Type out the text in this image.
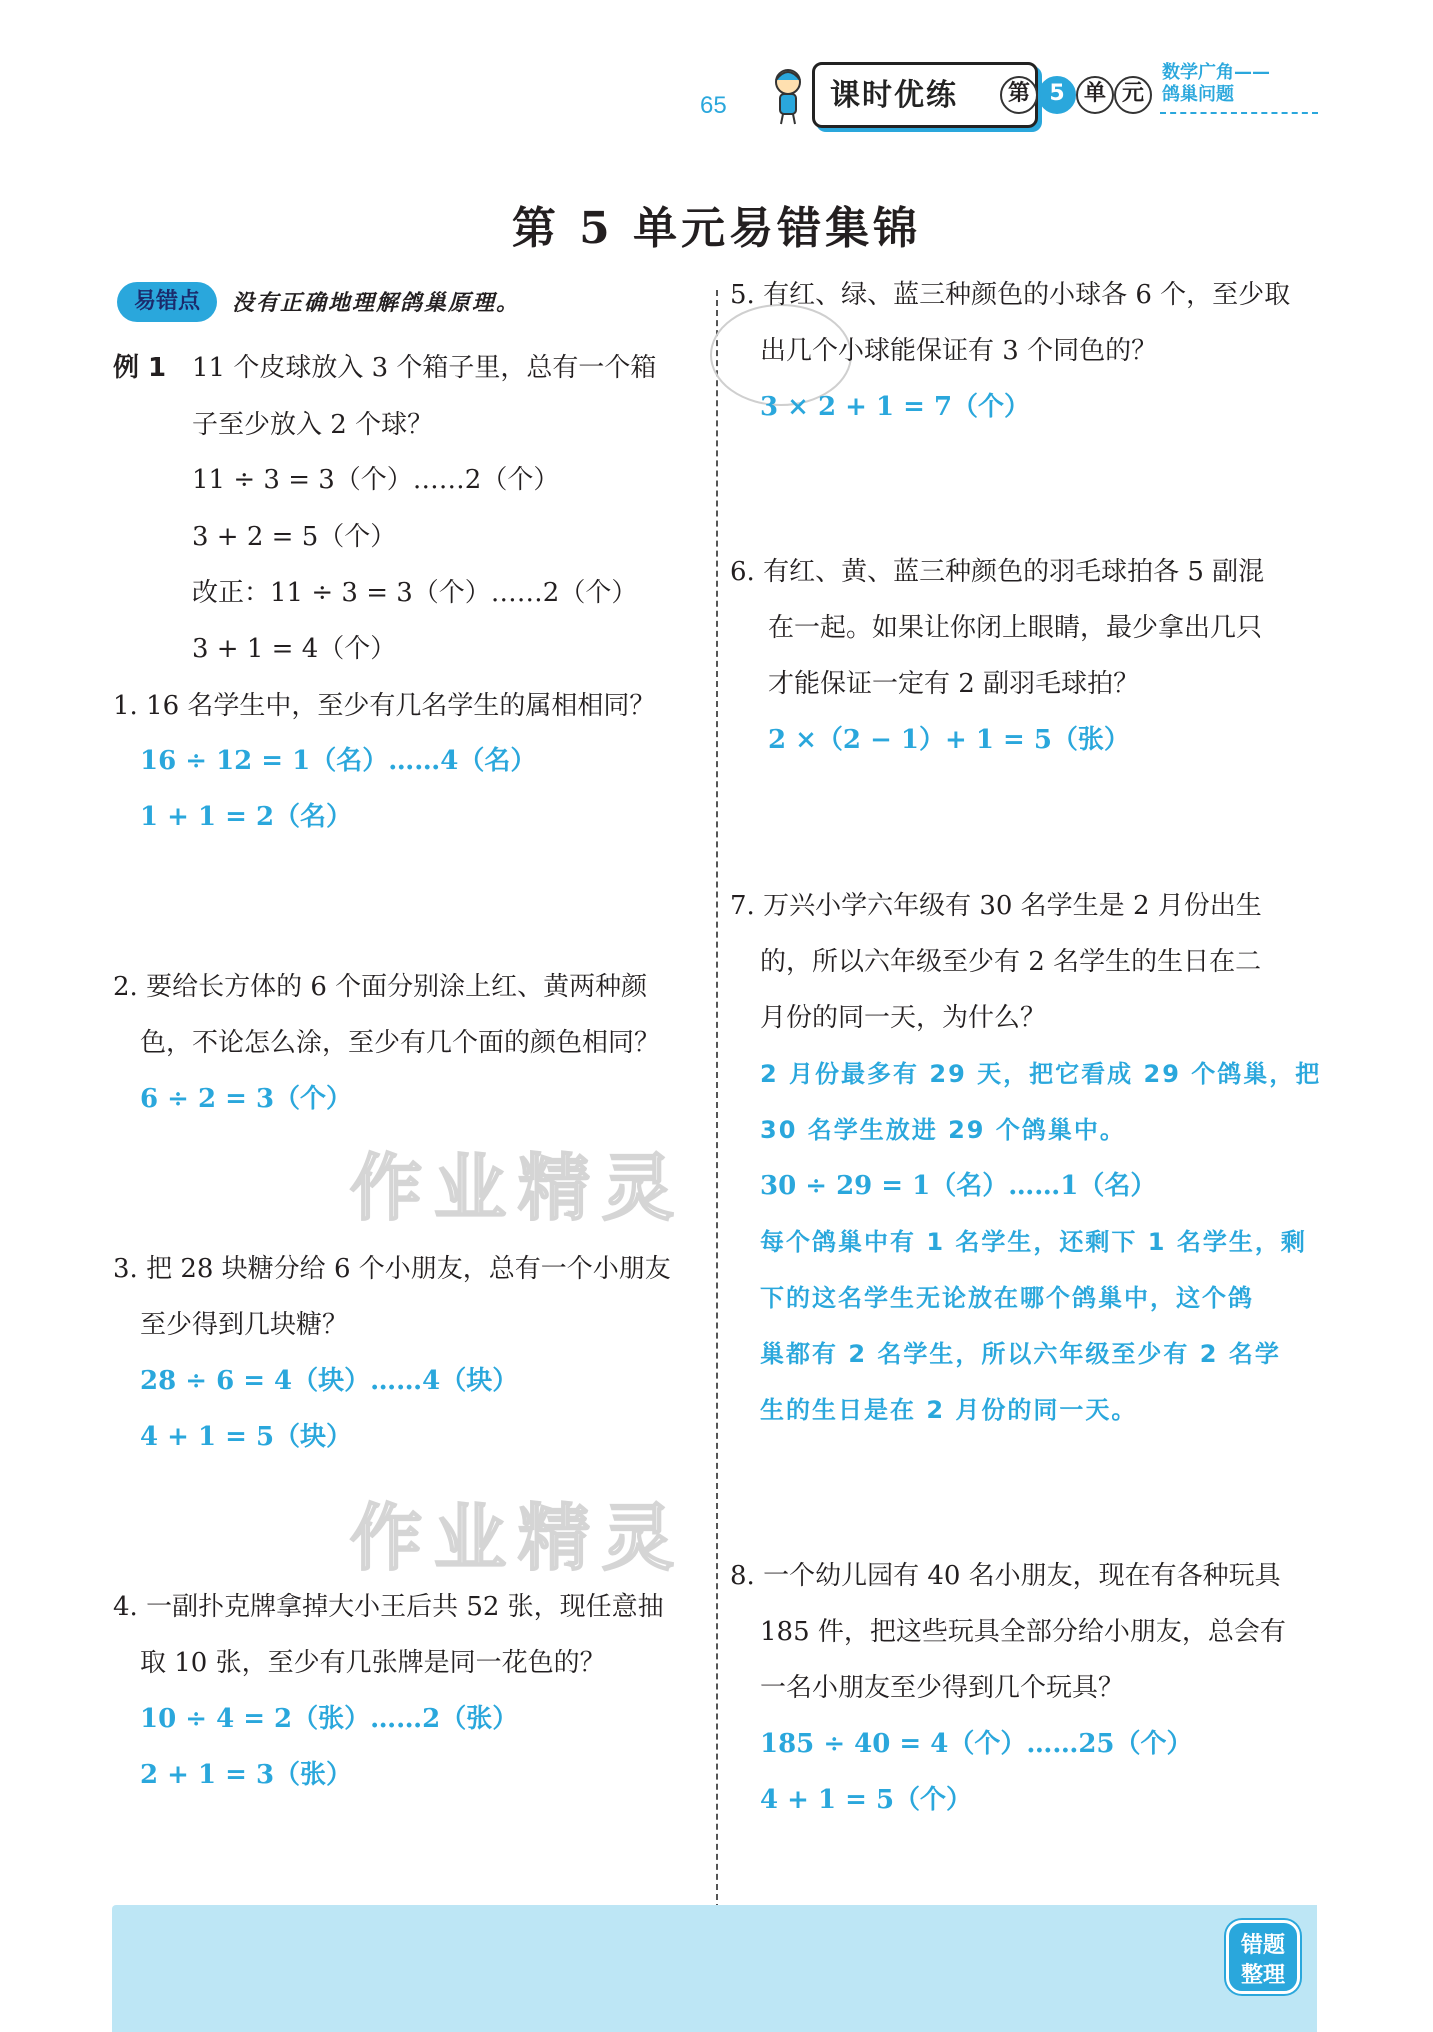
65	课时优练	第 5 单 元
数学广角——
鸽巢问题
第 5 单元易错集锦
易错点	没有正确地理解鸽巢原理。
作业精灵
作业精灵
例 1 11 个皮球放入 3 个箱子里，总有一个箱
子至少放入 2 个球？
11 ÷ 3 = 3（个）……2（个）
3 + 2 = 5（个）
改正：11 ÷ 3 = 3（个）……2（个）
3 + 1 = 4（个）
1. 16 名学生中，至少有几名学生的属相相同？
16 ÷ 12 = 1（名）……4（名）
1 + 1 = 2（名）
2. 要给长方体的 6 个面分别涂上红、黄两种颜
色，不论怎么涂，至少有几个面的颜色相同？
6 ÷ 2 = 3（个）
3. 把 28 块糖分给 6 个小朋友，总有一个小朋友
至少得到几块糖？
28 ÷ 6 = 4（块）……4（块）
4 + 1 = 5（块）
4. 一副扑克牌拿掉大小王后共 52 张，现任意抽
取 10 张，至少有几张牌是同一花色的？
10 ÷ 4 = 2（张）……2（张）
2 + 1 = 3（张）
5. 有红、绿、蓝三种颜色的小球各 6 个，至少取
出几个小球能保证有 3 个同色的？
3 × 2 + 1 = 7（个）
6. 有红、黄、蓝三种颜色的羽毛球拍各 5 副混
在一起。如果让你闭上眼睛，最少拿出几只
才能保证一定有 2 副羽毛球拍？
2 ×（2 − 1）+ 1 = 5（张）
7. 万兴小学六年级有 30 名学生是 2 月份出生
的，所以六年级至少有 2 名学生的生日在二
月份的同一天，为什么？
2 月份最多有 29 天，把它看成 29 个鸽巢，把
30 名学生放进 29 个鸽巢中。
30 ÷ 29 = 1（名）……1（名）
每个鸽巢中有 1 名学生，还剩下 1 名学生，剩
下的这名学生无论放在哪个鸽巢中，这个鸽
巢都有 2 名学生，所以六年级至少有 2 名学
生的生日是在 2 月份的同一天。
8. 一个幼儿园有 40 名小朋友，现在有各种玩具
185 件，把这些玩具全部分给小朋友，总会有
一名小朋友至少得到几个玩具？
185 ÷ 40 = 4（个）……25（个）
4 + 1 = 5（个）
错题
整理
